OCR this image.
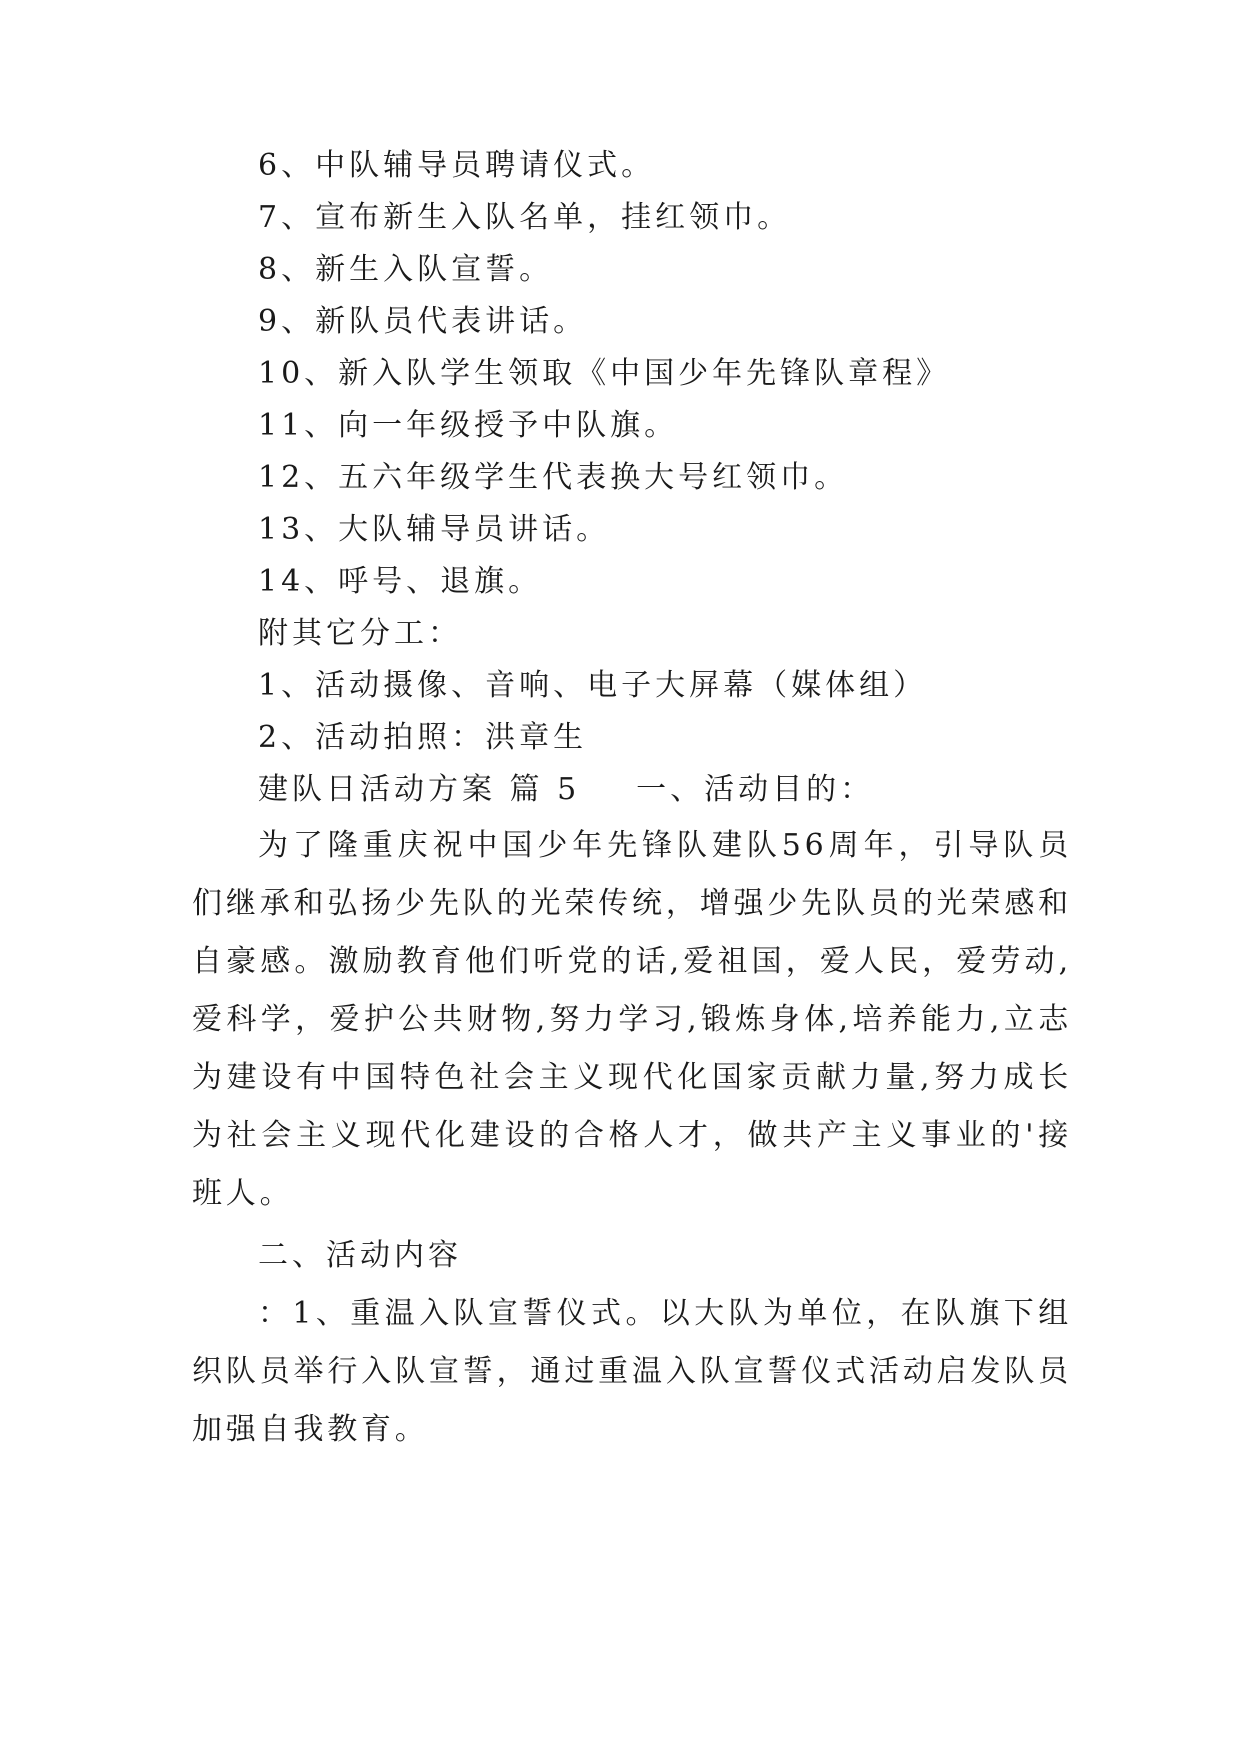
6、中队辅导员聘请仪式。
7、宣布新生入队名单，挂红领巾。
8、新生入队宣誓。
9、新队员代表讲话。
10、新入队学生领取《中国少年先锋队章程》
11、向一年级授予中队旗。
12、五六年级学生代表换大号红领巾。
13、大队辅导员讲话。
14、呼号、退旗。
附其它分工：
1、活动摄像、音响、电子大屏幕（媒体组）
2、活动拍照：洪章生
建队日活动方案 篇 5 一、活动目的：
为了隆重庆祝中国少年先锋队建队56周年，引导队员们继承和弘扬少先队的光荣传统，增强少先队员的光荣感和自豪感。激励教育他们听党的话,爱祖国，爱人民，爱劳动,爱科学，爱护公共财物,努力学习,锻炼身体,培养能力,立志为建设有中国特色社会主义现代化国家贡献力量,努力成长为社会主义现代化建设的合格人才，做共产主义事业的'接班人。
二、活动内容
：1、重温入队宣誓仪式。以大队为单位，在队旗下组织队员举行入队宣誓，通过重温入队宣誓仪式活动启发队员加强自我教育。
